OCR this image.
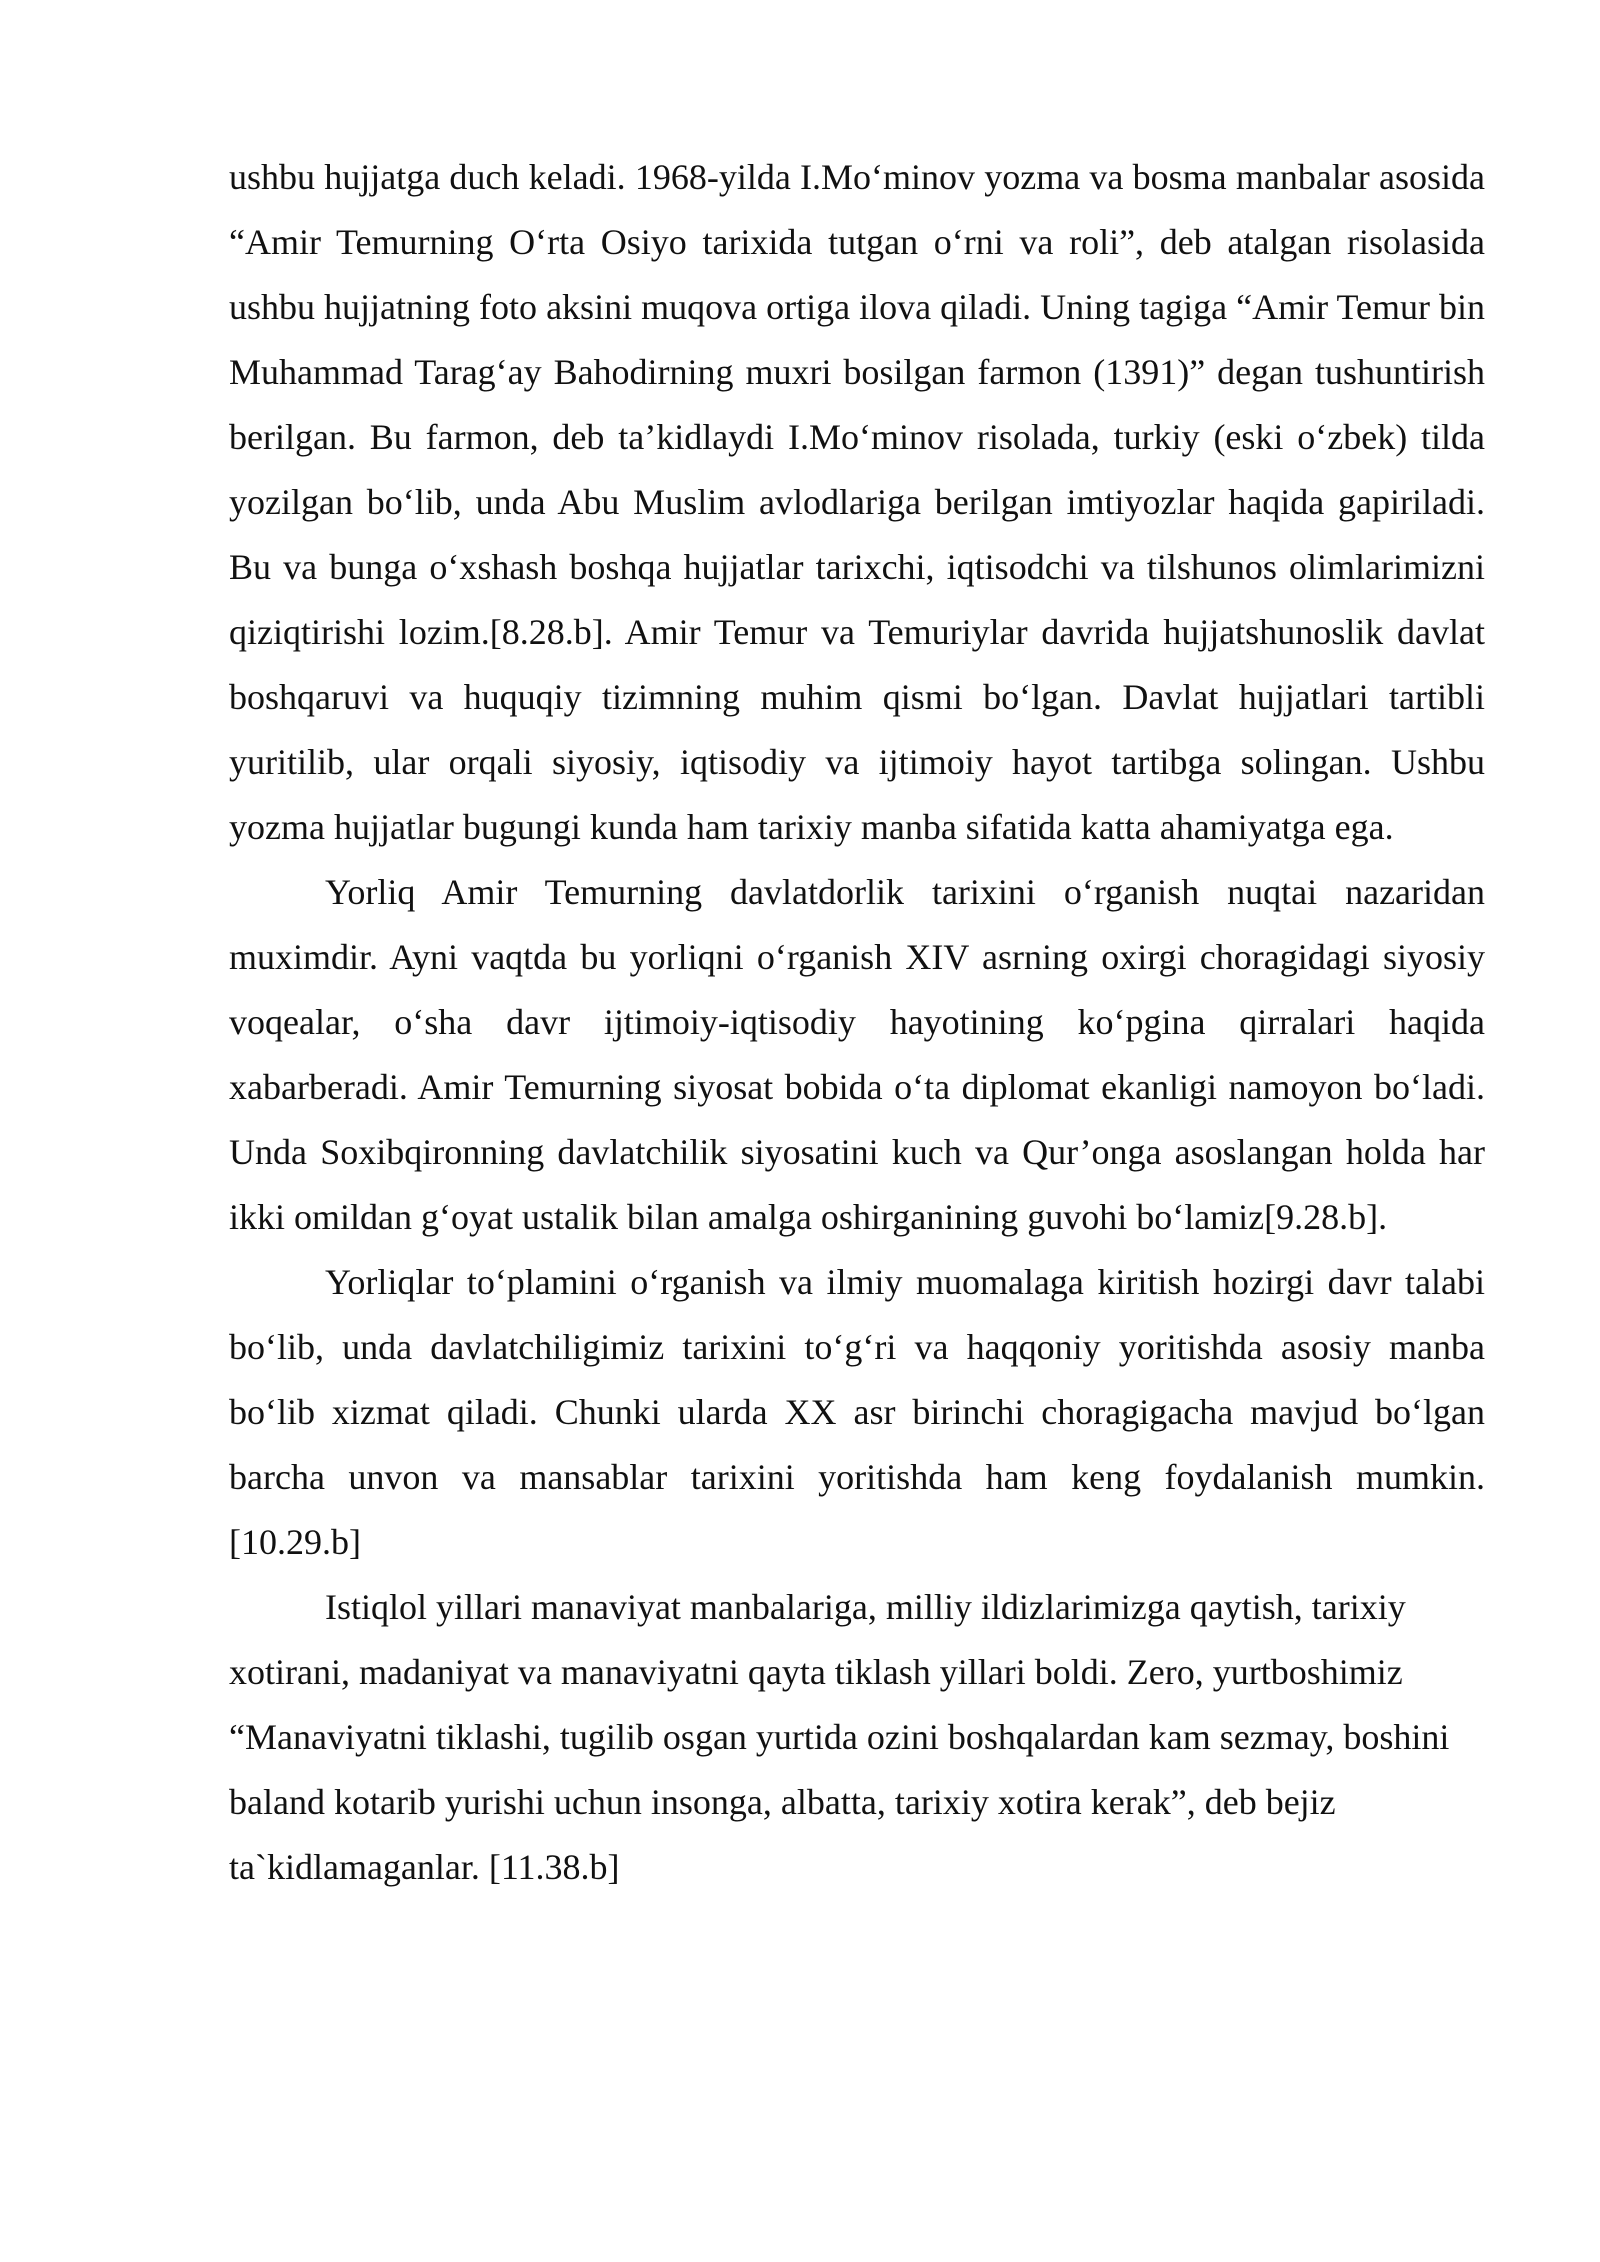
ushbu hujjatga duch keladi. 1968-yilda I.Mo‘minov yozma va bosma manbalar asosida “Amir Temurning O‘rta Osiyo tarixida tutgan o‘rni va roli”, deb atalgan risolasida ushbu hujjatning foto aksini muqova ortiga ilova qiladi. Uning tagiga “Amir Temur bin Muhammad Tarag‘ay Bahodirning muxri bosilgan farmon (1391)” degan tushuntirish berilgan. Bu farmon, deb ta’kidlaydi I.Mo‘minov risolada, turkiy (eski o‘zbek) tilda yozilgan bo‘lib, unda Abu Muslim avlodlariga berilgan imtiyozlar haqida gapiriladi. Bu va bunga o‘xshash boshqa hujjatlar tarixchi, iqtisodchi va tilshunos olimlarimizni qiziqtirishi lozim.[8.28.b]. Amir Temur va Temuriylar davrida hujjatshunoslik davlat boshqaruvi va huquqiy tizimning muhim qismi bo‘lgan. Davlat hujjatlari tartibli yuritilib, ular orqali siyosiy, iqtisodiy va ijtimoiy hayot tartibga solingan. Ushbu yozma hujjatlar bugungi kunda ham tarixiy manba sifatida katta ahamiyatga ega.

Yorliq Amir Temurning davlatdorlik tarixini o‘rganish nuqtai nazaridan muximdir. Ayni vaqtda bu yorliqni o‘rganish XIV asrning oxirgi choragidagi siyosiy voqealar, o‘sha davr ijtimoiy-iqtisodiy hayotining ko‘pgina qirralari haqida xabarberadi. Amir Temurning siyosat bobida o‘ta diplomat ekanligi namoyon bo‘ladi. Unda Soxibqironning davlatchilik siyosatini kuch va Qur’onga asoslangan holda har ikki omildan g‘oyat ustalik bilan amalga oshirganining guvohi bo‘lamiz[9.28.b].

Yorliqlar to‘plamini o‘rganish va ilmiy muomalaga kiritish hozirgi davr talabi bo‘lib, unda davlatchiligimiz tarixini to‘g‘ri va haqqoniy yoritishda asosiy manba bo‘lib xizmat qiladi. Chunki ularda XX asr birinchi choragigacha mavjud bo‘lgan barcha unvon va mansablar tarixini yoritishda ham keng foydalanish mumkin. [10.29.b]

Istiqlol yillari manaviyat manbalariga, milliy ildizlarimizga qaytish, tarixiy xotirani, madaniyat va manaviyatni qayta tiklash yillari boldi. Zero, yurtboshimiz “Manaviyatni tiklashi, tugilib osgan yurtida ozini boshqalardan kam sezmay, boshini baland kotarib yurishi uchun insonga, albatta, tarixiy xotira kerak”, deb bejiz ta`kidlamaganlar. [11.38.b]
